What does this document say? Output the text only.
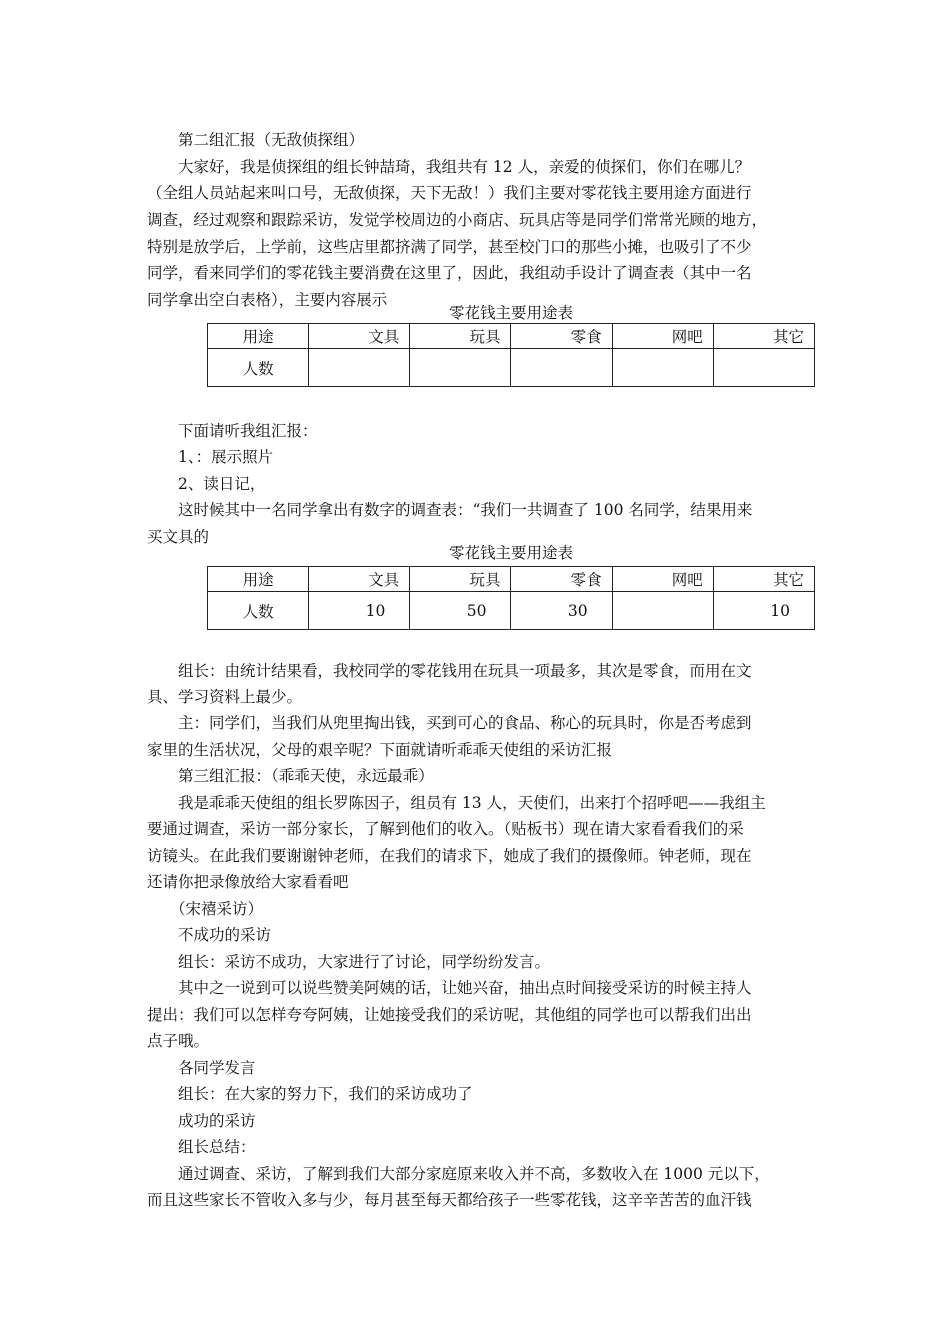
第二组汇报（无敌侦探组）
大家好，我是侦探组的组长钟喆琦，我组共有 12 人，亲爱的侦探们，你们在哪儿？
（全组人员站起来叫口号，无敌侦探，天下无敌！）我们主要对零花钱主要用途方面进行
调查，经过观察和跟踪采访，发觉学校周边的小商店、玩具店等是同学们常常光顾的地方，
特别是放学后，上学前，这些店里都挤满了同学，甚至校门口的那些小摊，也吸引了不少
同学，看来同学们的零花钱主要消费在这里了，因此，我组动手设计了调查表（其中一名
同学拿出空白表格），主要内容展示
零花钱主要用途表
用途	文具	玩具	零食	网吧	其它
人数					
下面请听我组汇报：
1、：展示照片
2、读日记，
这时候其中一名同学拿出有数字的调查表：“我们一共调查了 100 名同学，结果用来
买文具的
零花钱主要用途表
用途	文具	玩具	零食	网吧	其它
人数	10	50	30		10
组长：由统计结果看，我校同学的零花钱用在玩具一项最多，其次是零食，而用在文
具、学习资料上最少。
主：同学们，当我们从兜里掏出钱，买到可心的食品、称心的玩具时，你是否考虑到
家里的生活状况，父母的艰辛呢？下面就请听乖乖天使组的采访汇报
第三组汇报：（乖乖天使，永远最乖）
我是乖乖天使组的组长罗陈因子，组员有 13 人，天使们，出来打个招呼吧——我组主
要通过调查，采访一部分家长，了解到他们的收入。（贴板书）现在请大家看看我们的采
访镜头。在此我们要谢谢钟老师，在我们的请求下，她成了我们的摄像师。钟老师，现在
还请你把录像放给大家看看吧
（宋禧采访）
不成功的采访
组长：采访不成功，大家进行了讨论，同学纷纷发言。
其中之一说到可以说些赞美阿姨的话，让她兴奋，抽出点时间接受采访的时候主持人
提出：我们可以怎样夸夸阿姨，让她接受我们的采访呢，其他组的同学也可以帮我们出出
点子哦。
各同学发言
组长：在大家的努力下，我们的采访成功了
成功的采访
组长总结：
通过调查、采访，了解到我们大部分家庭原来收入并不高，多数收入在 1000 元以下，
而且这些家长不管收入多与少，每月甚至每天都给孩子一些零花钱，这辛辛苦苦的血汗钱
